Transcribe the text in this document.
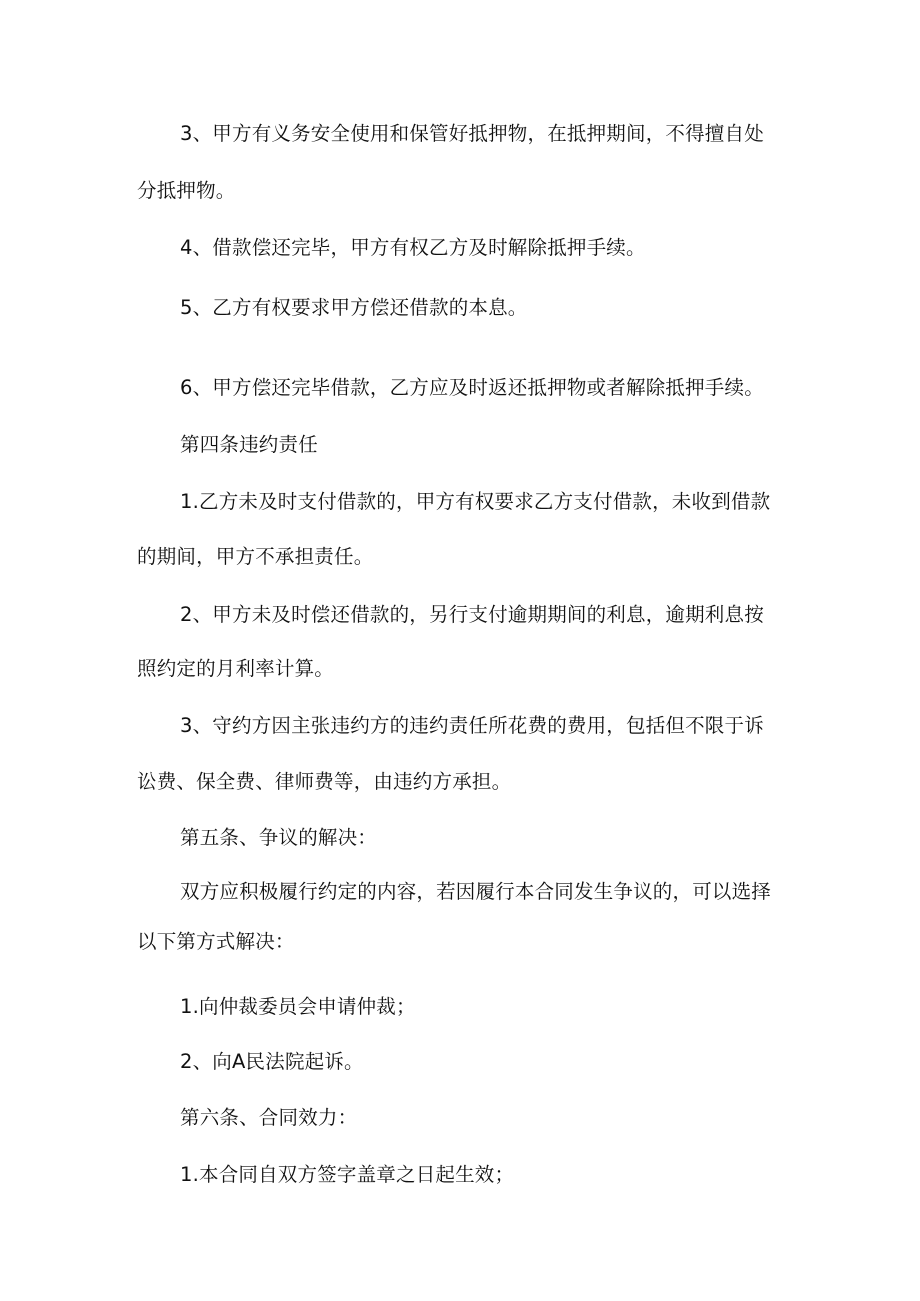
3、甲方有义务安全使用和保管好抵押物，在抵押期间，不得擅自处
分抵押物。
4、借款偿还完毕，甲方有权乙方及时解除抵押手续。
5、乙方有权要求甲方偿还借款的本息。
6、甲方偿还完毕借款，乙方应及时返还抵押物或者解除抵押手续。
第四条违约责任
1.乙方未及时支付借款的，甲方有权要求乙方支付借款，未收到借款
的期间，甲方不承担责任。
2、甲方未及时偿还借款的，另行支付逾期期间的利息，逾期利息按
照约定的月利率计算。
3、守约方因主张违约方的违约责任所花费的费用，包括但不限于诉
讼费、保全费、律师费等，由违约方承担。
第五条、争议的解决：
双方应积极履行约定的内容，若因履行本合同发生争议的，可以选择
以下第方式解决：
1.向仲裁委员会申请仲裁；
2、向A民法院起诉。
第六条、合同效力：
1.本合同自双方签字盖章之日起生效；
